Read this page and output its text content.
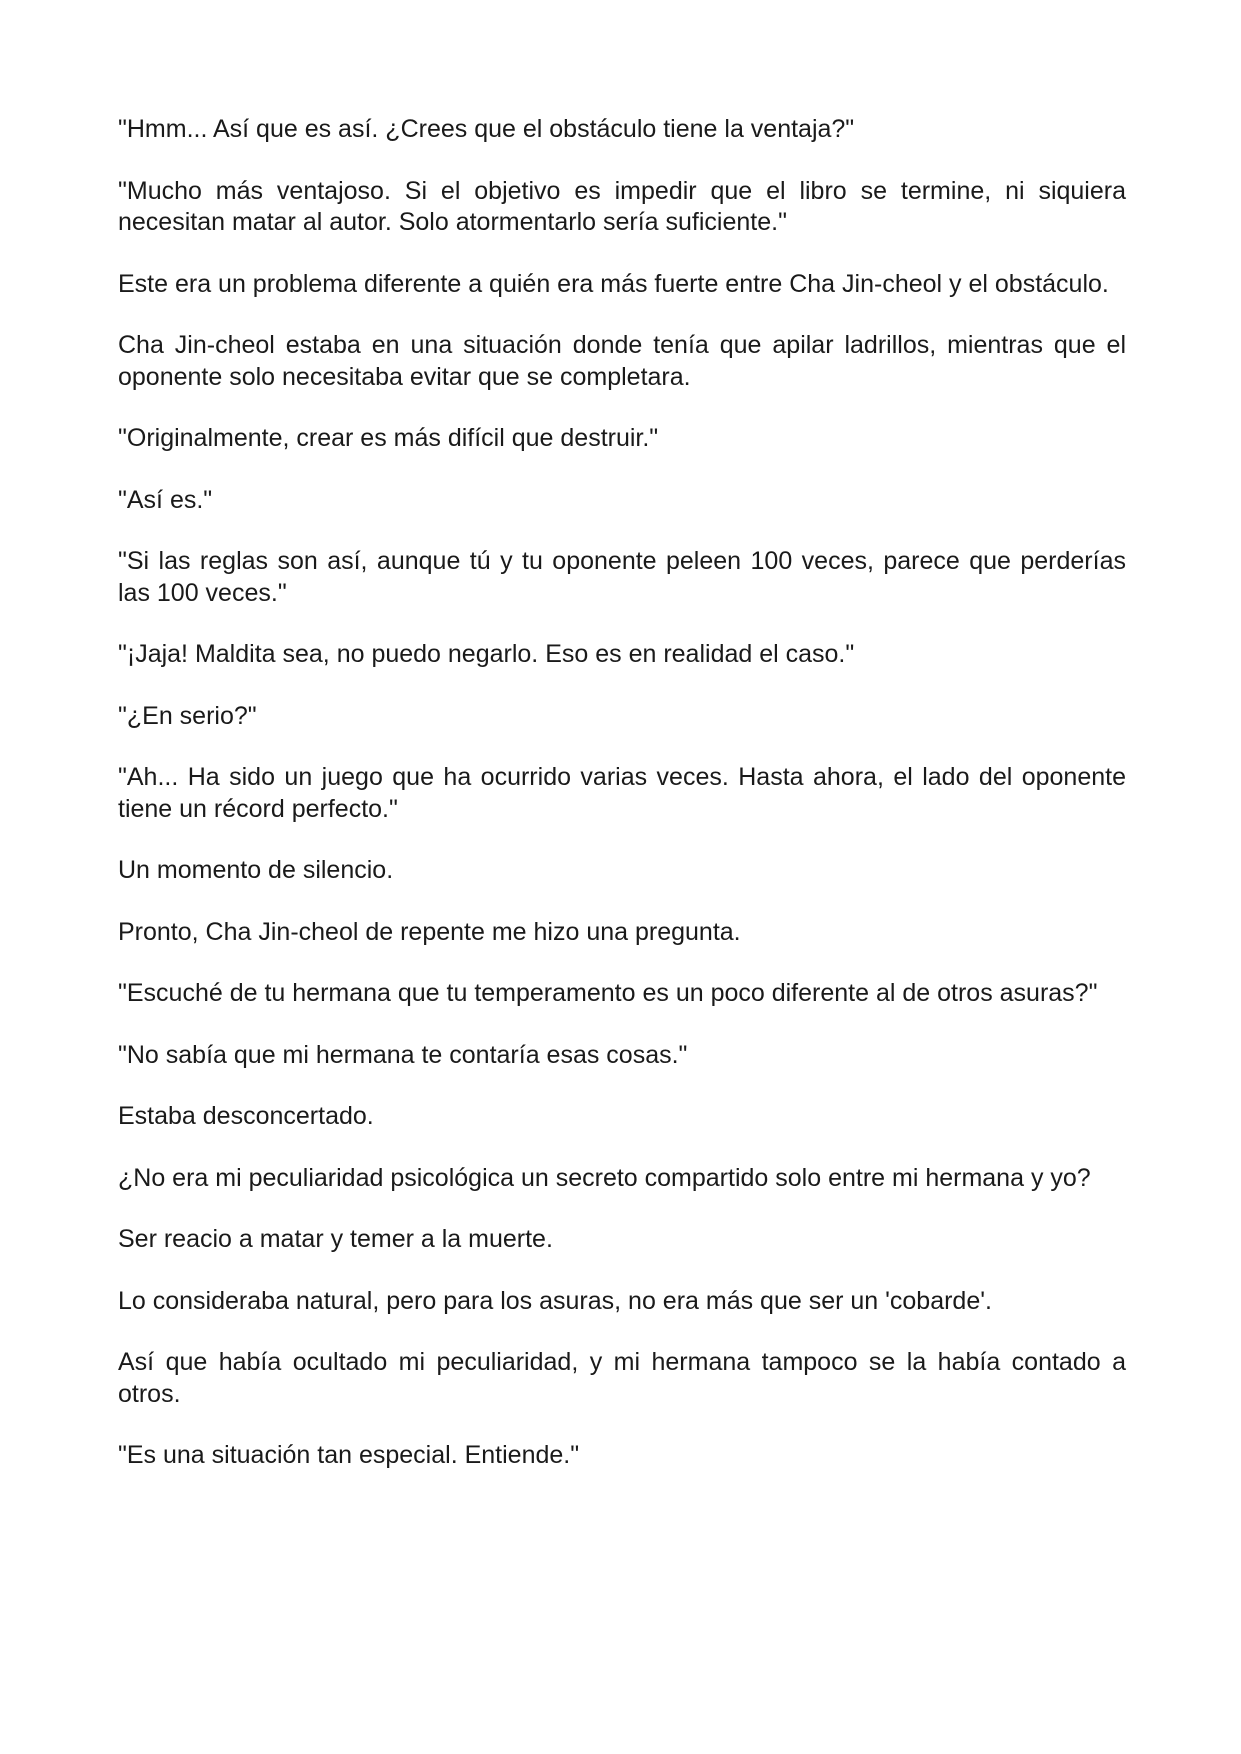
"Hmm... Así que es así. ¿Crees que el obstáculo tiene la ventaja?"

"Mucho más ventajoso. Si el objetivo es impedir que el libro se termine, ni siquiera necesitan matar al autor. Solo atormentarlo sería suficiente."

Este era un problema diferente a quién era más fuerte entre Cha Jin-cheol y el obstáculo.

Cha Jin-cheol estaba en una situación donde tenía que apilar ladrillos, mientras que el oponente solo necesitaba evitar que se completara.

"Originalmente, crear es más difícil que destruir."

"Así es."

"Si las reglas son así, aunque tú y tu oponente peleen 100 veces, parece que perderías las 100 veces."

"¡Jaja! Maldita sea, no puedo negarlo. Eso es en realidad el caso."

"¿En serio?"

"Ah... Ha sido un juego que ha ocurrido varias veces. Hasta ahora, el lado del oponente tiene un récord perfecto."

Un momento de silencio.

Pronto, Cha Jin-cheol de repente me hizo una pregunta.

"Escuché de tu hermana que tu temperamento es un poco diferente al de otros asuras?"

"No sabía que mi hermana te contaría esas cosas."

Estaba desconcertado.

¿No era mi peculiaridad psicológica un secreto compartido solo entre mi hermana y yo?

Ser reacio a matar y temer a la muerte.

Lo consideraba natural, pero para los asuras, no era más que ser un 'cobarde'.

Así que había ocultado mi peculiaridad, y mi hermana tampoco se la había contado a otros.

"Es una situación tan especial. Entiende."
